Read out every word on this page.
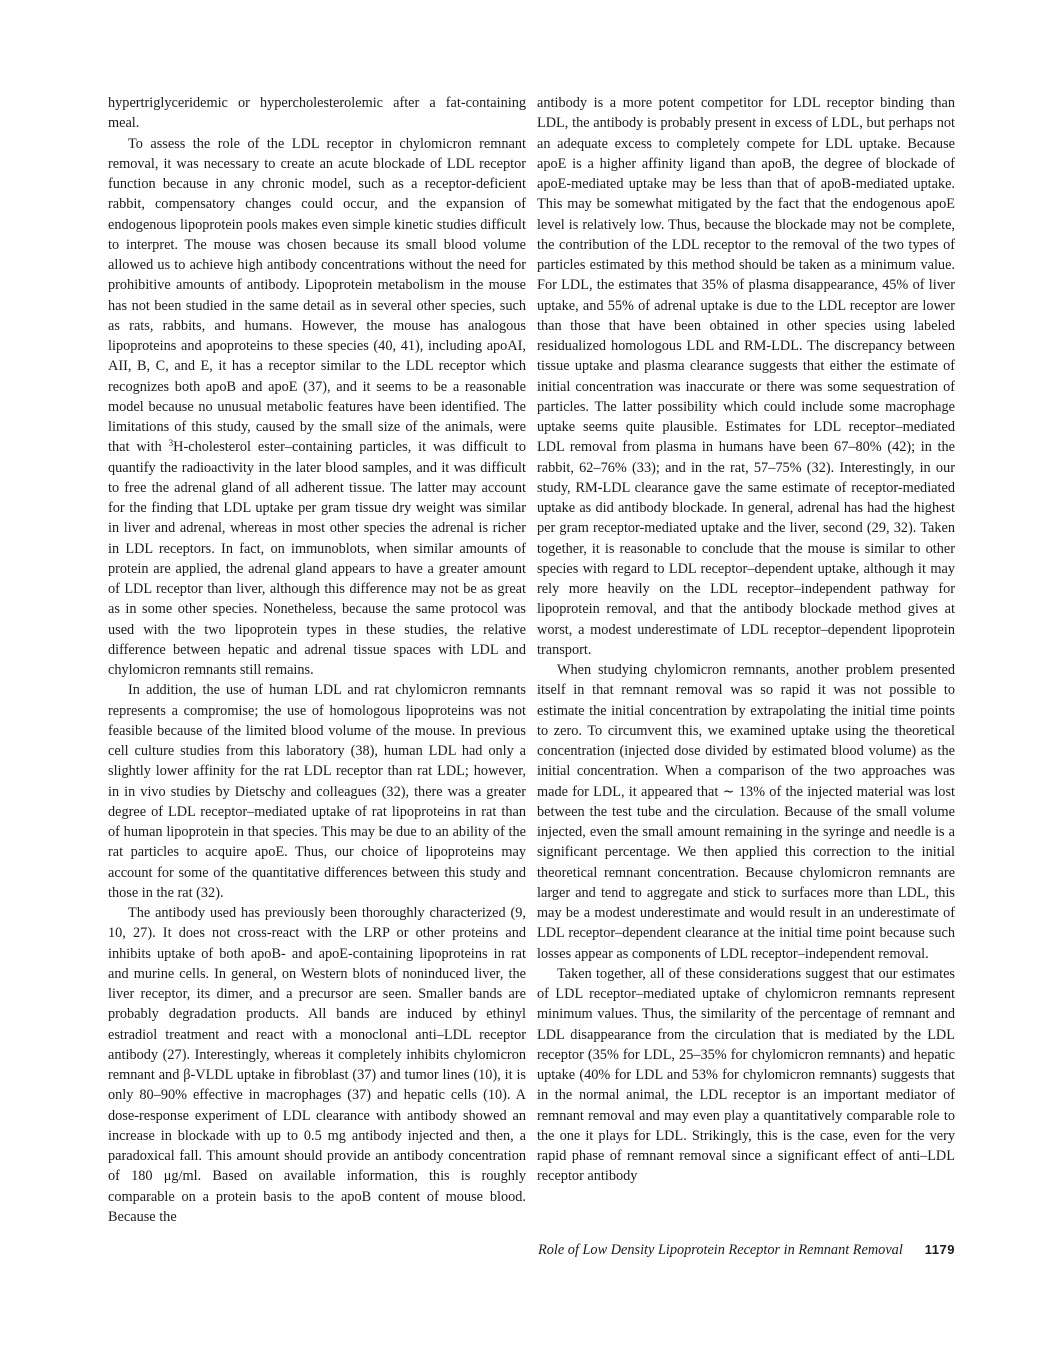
hypertriglyceridemic or hypercholesterolemic after a fat-containing meal.

To assess the role of the LDL receptor in chylomicron remnant removal, it was necessary to create an acute blockade of LDL receptor function because in any chronic model, such as a receptor-deficient rabbit, compensatory changes could occur, and the expansion of endogenous lipoprotein pools makes even simple kinetic studies difficult to interpret. The mouse was chosen because its small blood volume allowed us to achieve high antibody concentrations without the need for prohibitive amounts of antibody. Lipoprotein metabolism in the mouse has not been studied in the same detail as in several other species, such as rats, rabbits, and humans. However, the mouse has analogous lipoproteins and apoproteins to these species (40, 41), including apoAI, AII, B, C, and E, it has a receptor similar to the LDL receptor which recognizes both apoB and apoE (37), and it seems to be a reasonable model because no unusual metabolic features have been identified. The limitations of this study, caused by the small size of the animals, were that with $^3$H-cholesterol ester–containing particles, it was difficult to quantify the radioactivity in the later blood samples, and it was difficult to free the adrenal gland of all adherent tissue. The latter may account for the finding that LDL uptake per gram tissue dry weight was similar in liver and adrenal, whereas in most other species the adrenal is richer in LDL receptors. In fact, on immunoblots, when similar amounts of protein are applied, the adrenal gland appears to have a greater amount of LDL receptor than liver, although this difference may not be as great as in some other species. Nonetheless, because the same protocol was used with the two lipoprotein types in these studies, the relative difference between hepatic and adrenal tissue spaces with LDL and chylomicron remnants still remains.

In addition, the use of human LDL and rat chylomicron remnants represents a compromise; the use of homologous lipoproteins was not feasible because of the limited blood volume of the mouse. In previous cell culture studies from this laboratory (38), human LDL had only a slightly lower affinity for the rat LDL receptor than rat LDL; however, in in vivo studies by Dietschy and colleagues (32), there was a greater degree of LDL receptor–mediated uptake of rat lipoproteins in rat than of human lipoprotein in that species. This may be due to an ability of the rat particles to acquire apoE. Thus, our choice of lipoproteins may account for some of the quantitative differences between this study and those in the rat (32).

The antibody used has previously been thoroughly characterized (9, 10, 27). It does not cross-react with the LRP or other proteins and inhibits uptake of both apoB- and apoE-containing lipoproteins in rat and murine cells. In general, on Western blots of noninduced liver, the liver receptor, its dimer, and a precursor are seen. Smaller bands are probably degradation products. All bands are induced by ethinyl estradiol treatment and react with a monoclonal anti–LDL receptor antibody (27). Interestingly, whereas it completely inhibits chylomicron remnant and β-VLDL uptake in fibroblast (37) and tumor lines (10), it is only 80–90% effective in macrophages (37) and hepatic cells (10). A dose-response experiment of LDL clearance with antibody showed an increase in blockade with up to 0.5 mg antibody injected and then, a paradoxical fall. This amount should provide an antibody concentration of 180 μg/ml. Based on available information, this is roughly comparable on a protein basis to the apoB content of mouse blood. Because the

antibody is a more potent competitor for LDL receptor binding than LDL, the antibody is probably present in excess of LDL, but perhaps not an adequate excess to completely compete for LDL uptake. Because apoE is a higher affinity ligand than apoB, the degree of blockade of apoE-mediated uptake may be less than that of apoB-mediated uptake. This may be somewhat mitigated by the fact that the endogenous apoE level is relatively low. Thus, because the blockade may not be complete, the contribution of the LDL receptor to the removal of the two types of particles estimated by this method should be taken as a minimum value. For LDL, the estimates that 35% of plasma disappearance, 45% of liver uptake, and 55% of adrenal uptake is due to the LDL receptor are lower than those that have been obtained in other species using labeled residualized homologous LDL and RM-LDL. The discrepancy between tissue uptake and plasma clearance suggests that either the estimate of initial concentration was inaccurate or there was some sequestration of particles. The latter possibility which could include some macrophage uptake seems quite plausible. Estimates for LDL receptor–mediated LDL removal from plasma in humans have been 67–80% (42); in the rabbit, 62–76% (33); and in the rat, 57–75% (32). Interestingly, in our study, RM-LDL clearance gave the same estimate of receptor-mediated uptake as did antibody blockade. In general, adrenal has had the highest per gram receptor-mediated uptake and the liver, second (29, 32). Taken together, it is reasonable to conclude that the mouse is similar to other species with regard to LDL receptor–dependent uptake, although it may rely more heavily on the LDL receptor–independent pathway for lipoprotein removal, and that the antibody blockade method gives at worst, a modest underestimate of LDL receptor–dependent lipoprotein transport.

When studying chylomicron remnants, another problem presented itself in that remnant removal was so rapid it was not possible to estimate the initial concentration by extrapolating the initial time points to zero. To circumvent this, we examined uptake using the theoretical concentration (injected dose divided by estimated blood volume) as the initial concentration. When a comparison of the two approaches was made for LDL, it appeared that ∼ 13% of the injected material was lost between the test tube and the circulation. Because of the small volume injected, even the small amount remaining in the syringe and needle is a significant percentage. We then applied this correction to the initial theoretical remnant concentration. Because chylomicron remnants are larger and tend to aggregate and stick to surfaces more than LDL, this may be a modest underestimate and would result in an underestimate of LDL receptor–dependent clearance at the initial time point because such losses appear as components of LDL receptor–independent removal.

Taken together, all of these considerations suggest that our estimates of LDL receptor–mediated uptake of chylomicron remnants represent minimum values. Thus, the similarity of the percentage of remnant and LDL disappearance from the circulation that is mediated by the LDL receptor (35% for LDL, 25–35% for chylomicron remnants) and hepatic uptake (40% for LDL and 53% for chylomicron remnants) suggests that in the normal animal, the LDL receptor is an important mediator of remnant removal and may even play a quantitatively comparable role to the one it plays for LDL. Strikingly, this is the case, even for the very rapid phase of remnant removal since a significant effect of anti–LDL receptor antibody

Role of Low Density Lipoprotein Receptor in Remnant Removal 1179
